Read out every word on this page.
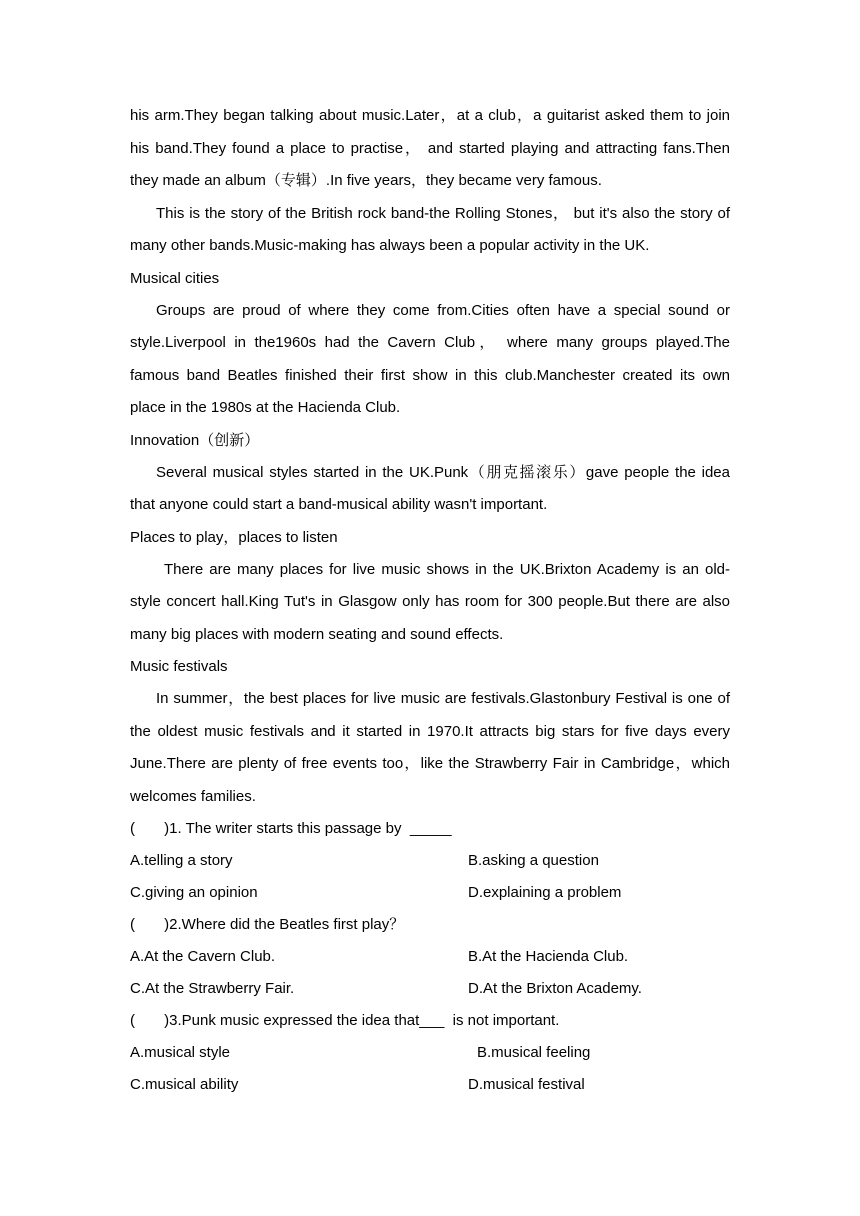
his arm.They began talking about music.Later，at a club，a guitarist asked them to join his band.They found a place to practise， and started playing and attracting fans.Then they made an album（专辑）.In five years，they became very famous.
This is the story of the British rock band-the Rolling Stones， but it's also the story of many other bands.Music-making has always been a popular activity in the UK.
Musical cities
Groups are proud of where they come from.Cities often have a special sound or style.Liverpool in the1960s had the Cavern Club， where many groups played.The famous band Beatles finished their first show in this club.Manchester created its own place in the 1980s at the Hacienda Club.
Innovation（创新）
Several musical styles started in the UK.Punk（朋克摇滚乐）gave people the idea that anyone could start a band-musical ability wasn't important.
Places to play，places to listen
There are many places for live music shows in the UK.Brixton Academy is an old-style concert hall.King Tut's in Glasgow only has room for 300 people.But there are also many big places with modern seating and sound effects.
Music festivals
In summer，the best places for live music are festivals.Glastonbury Festival is one of the oldest music festivals and it started in 1970.It attracts big stars for five days every June.There are plenty of free events too，like the Strawberry Fair in Cambridge，which welcomes families.
(       )1. The writer starts this passage by  _____
A.telling a story	B.asking a question
C.giving an opinion	D.explaining a problem
(       )2.Where did the Beatles first play？
A.At the Cavern Club.	B.At the Hacienda Club.
C.At the Strawberry Fair.	D.At the Brixton Academy.
(       )3.Punk music expressed the idea that___  is not important.
A.musical style	B.musical feeling
C.musical ability	D.musical festival
